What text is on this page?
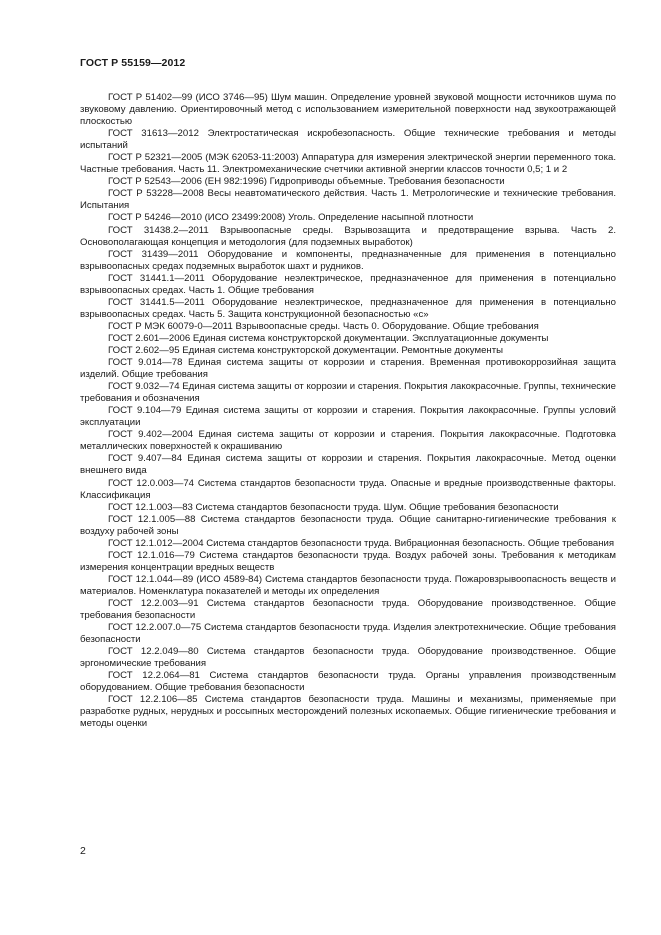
ГОСТ Р 55159—2012

ГОСТ Р 51402—99 (ИСО 3746—95) Шум машин. Определение уровней звуковой мощности источников шума по звуковому давлению. Ориентировочный метод с использованием измерительной поверхности над звукоотражающей плоскостью

ГОСТ 31613—2012 Электростатическая искробезопасность. Общие технические требования и методы испытаний

ГОСТ Р 52321—2005 (МЭК 62053-11:2003) Аппаратура для измерения электрической энергии переменного тока. Частные требования. Часть 11. Электромеханические счетчики активной энергии классов точности 0,5; 1 и 2

ГОСТ Р 52543—2006 (ЕН 982:1996) Гидроприводы объемные. Требования безопасности

ГОСТ Р 53228—2008 Весы неавтоматического действия. Часть 1. Метрологические и технические требования. Испытания

ГОСТ Р 54246—2010 (ИСО 23499:2008) Уголь. Определение насыпной плотности

ГОСТ 31438.2—2011 Взрывоопасные среды. Взрывозащита и предотвращение взрыва. Часть 2. Основополагающая концепция и методология (для подземных выработок)

ГОСТ 31439—2011 Оборудование и компоненты, предназначенные для применения в потенциально взрывоопасных средах подземных выработок шахт и рудников.

ГОСТ 31441.1—2011 Оборудование неэлектрическое, предназначенное для применения в потенциально взрывоопасных средах. Часть 1. Общие требования

ГОСТ 31441.5—2011 Оборудование неэлектрическое, предназначенное для применения в потенциально взрывоопасных средах. Часть 5. Защита конструкционной безопасностью «с»

ГОСТ Р МЭК 60079-0—2011 Взрывоопасные среды. Часть 0. Оборудование. Общие требования

ГОСТ 2.601—2006 Единая система конструкторской документации. Эксплуатационные документы

ГОСТ 2.602—95 Единая система конструкторской документации. Ремонтные документы

ГОСТ 9.014—78 Единая система защиты от коррозии и старения. Временная противокоррозийная защита изделий. Общие требования

ГОСТ 9.032—74 Единая система защиты от коррозии и старения. Покрытия лакокрасочные. Группы, технические требования и обозначения

ГОСТ 9.104—79 Единая система защиты от коррозии и старения. Покрытия лакокрасочные. Группы условий эксплуатации

ГОСТ 9.402—2004 Единая система защиты от коррозии и старения. Покрытия лакокрасочные. Подготовка металлических поверхностей к окрашиванию

ГОСТ 9.407—84 Единая система защиты от коррозии и старения. Покрытия лакокрасочные. Метод оценки внешнего вида

ГОСТ 12.0.003—74 Система стандартов безопасности труда. Опасные и вредные производственные факторы. Классификация

ГОСТ 12.1.003—83 Система стандартов безопасности труда. Шум. Общие требования безопасности

ГОСТ 12.1.005—88 Система стандартов безопасности труда. Общие санитарно-гигиенические требования к воздуху рабочей зоны

ГОСТ 12.1.012—2004 Система стандартов безопасности труда. Вибрационная безопасность. Общие требования

ГОСТ 12.1.016—79 Система стандартов безопасности труда. Воздух рабочей зоны. Требования к методикам измерения концентрации вредных веществ

ГОСТ 12.1.044—89 (ИСО 4589-84) Система стандартов безопасности труда. Пожаровзрывоопасность веществ и материалов. Номенклатура показателей и методы их определения

ГОСТ 12.2.003—91 Система стандартов безопасности труда. Оборудование производственное. Общие требования безопасности

ГОСТ 12.2.007.0—75 Система стандартов безопасности труда. Изделия электротехнические. Общие требования безопасности

ГОСТ 12.2.049—80 Система стандартов безопасности труда. Оборудование производственное. Общие эргономические требования

ГОСТ 12.2.064—81 Система стандартов безопасности труда. Органы управления производственным оборудованием. Общие требования безопасности

ГОСТ 12.2.106—85 Система стандартов безопасности труда. Машины и механизмы, применяемые при разработке рудных, нерудных и россыпных месторождений полезных ископаемых. Общие гигиенические требования и методы оценки

2
